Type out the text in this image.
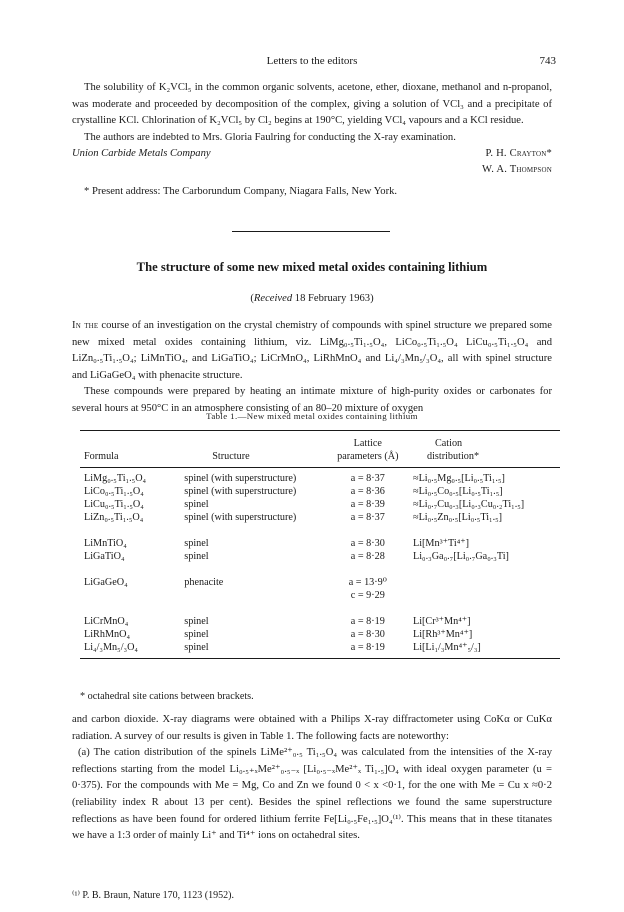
Letters to the editors	743

The solubility of K₂VCl₅ in the common organic solvents, acetone, ether, dioxane, methanol and n-propanol, was moderate and proceeded by decomposition of the complex, giving a solution of VCl₃ and a precipitate of crystalline KCl. Chlorination of K₂VCl₅ by Cl₂ begins at 190°C, yielding VCl₄ vapours and a KCl residue.

The authors are indebted to Mrs. Gloria Faulring for conducting the X-ray examination.

Union Carbide Metals Company	P. H. Crayton*
W. A. Thompson
* Present address: The Carborundum Company, Niagara Falls, New York.
The structure of some new mixed metal oxides containing lithium
(Received 18 February 1963)

In the course of an investigation on the crystal chemistry of compounds with spinel structure we prepared some new mixed metal oxides containing lithium, viz. LiMg₀.₅Ti₁.₅O₄, LiCo₀.₅Ti₁.₅O₄ LiCu₀.₅Ti₁.₅O₄ and LiZn₀.₅Ti₁.₅O₄; LiMnTiO₄, and LiGaTiO₄; LiCrMnO₄, LiRhMnO₄ and Li₄/₃Mn₅/₃O₄, all with spinel structure and LiGaGeO₄ with phenacite structure.

These compounds were prepared by heating an intimate mixture of high-purity oxides or carbonates for several hours at 950°C in an atmosphere consisting of an 80–20 mixture of oxygen

Table 1.—New mixed metal oxides containing lithium

		Lattice	Cation
Formula	Structure	parameters (Å)	distribution*

LiMg₀.₅Ti₁.₅O₄	spinel (with superstructure)	a = 8·37	≈Li₀.₅Mg₀.₅[Li₀.₅Ti₁.₅]
LiCo₀.₅Ti₁.₅O₄	spinel (with superstructure)	a = 8·36	≈Li₀.₅Co₀.₅[Li₀.₅Ti₁.₅]
LiCu₀.₅Ti₁.₅O₄	spinel	a = 8·39	≈Li₀.₇Cu₀.₃[Li₀.₃Cu₀.₂Ti₁.₅]
LiZn₀.₅Ti₁.₅O₄	spinel (with superstructure)	a = 8·37	≈Li₀.₅Zn₀.₅[Li₀.₅Ti₁.₅]

LiMnTiO₄	spinel	a = 8·30	Li[Mn³⁺Ti⁴⁺]
LiGaTiO₄	spinel	a = 8·28	Li₀.₃Ga₀.₇[Li₀.₇Ga₀.₃Ti]

LiGaGeO₄	phenacite	a = 13·9⁰	
		c = 9·29	

LiCrMnO₄	spinel	a = 8·19	Li[Cr³⁺Mn⁴⁺]
LiRhMnO₄	spinel	a = 8·30	Li[Rh³⁺Mn⁴⁺]
Li₄/₃Mn₅/₃O₄	spinel	a = 8·19	Li[Li₁/₃Mn⁴⁺₅/₃]

* octahedral site cations between brackets.

and carbon dioxide. X-ray diagrams were obtained with a Philips X-ray diffractometer using CoKα or CuKα radiation. A survey of our results is given in Table 1. The following facts are noteworthy:

(a) The cation distribution of the spinels LiMe²⁺₀.₅ Ti₁.₅O₄ was calculated from the intensities of the X-ray reflections starting from the model Li₀.₅₊ₓMe²⁺₀.₅₋ₓ [Li₀.₅₋ₓMe²⁺ₓ Ti₁.₅]O₄ with ideal oxygen parameter (u = 0·375). For the compounds with Me = Mg, Co and Zn we found 0 < x <0·1, for the one with Me = Cu x ≈0·2 (reliability index R about 13 per cent). Besides the spinel reflections we found the same superstructure reflections as have been found for ordered lithium ferrite Fe[Li₀.₅Fe₁.₅]O₄⁽¹⁾. This means that in these titanates we have a 1:3 order of mainly Li⁺ and Ti⁴⁺ ions on octahedral sites.

⁽¹⁾ P. B. Braun, Nature 170, 1123 (1952).
